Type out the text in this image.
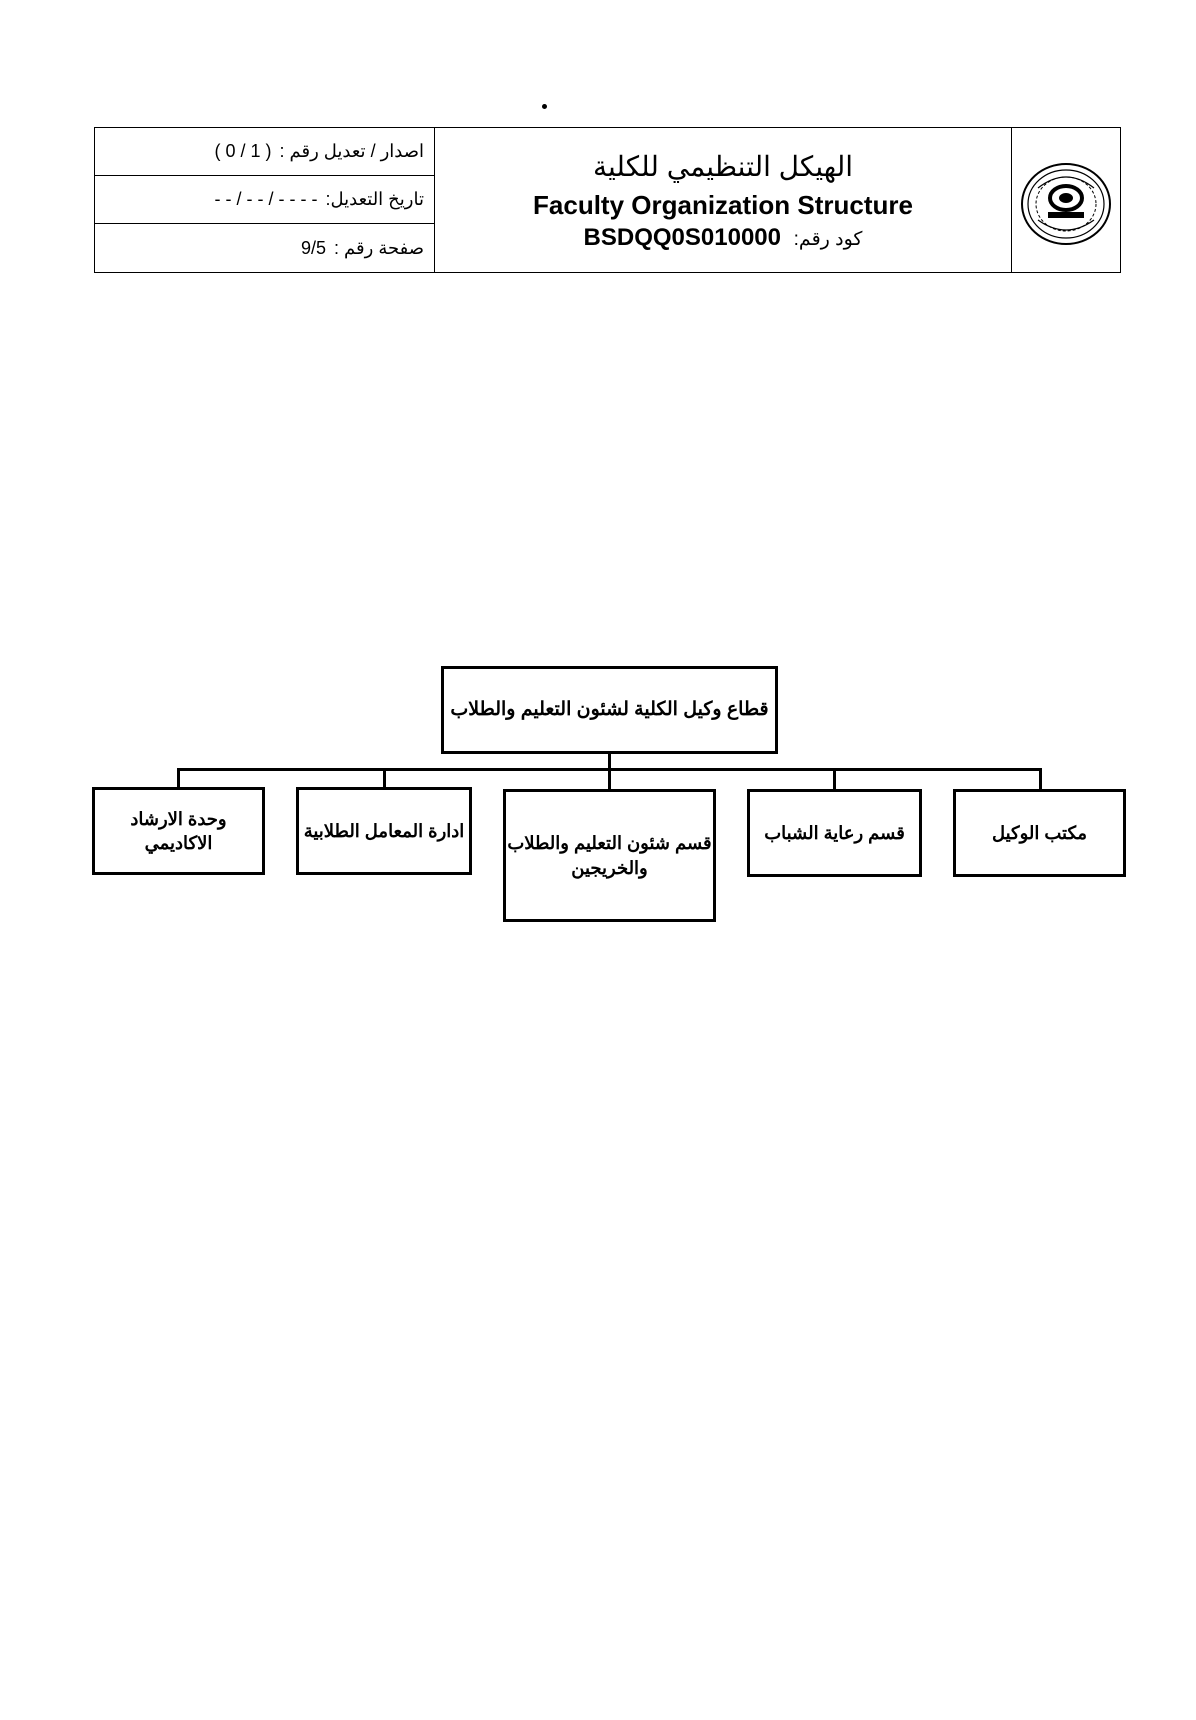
اصدار / تعديل رقم :
( 0 / 1 )
تاريخ التعديل:
- - / - - / - - - -
صفحة رقم :
9/5
الهيكل التنظيمي للكلية
Faculty Organization Structure
كود رقم: BSDQQ0S010000
قطاع وكيل الكلية لشئون التعليم والطلاب
مكتب الوكيل
قسم رعاية الشباب
قسم شئون التعليم والطلاب والخريجين
ادارة المعامل الطلابية
وحدة الارشاد الاكاديمي
